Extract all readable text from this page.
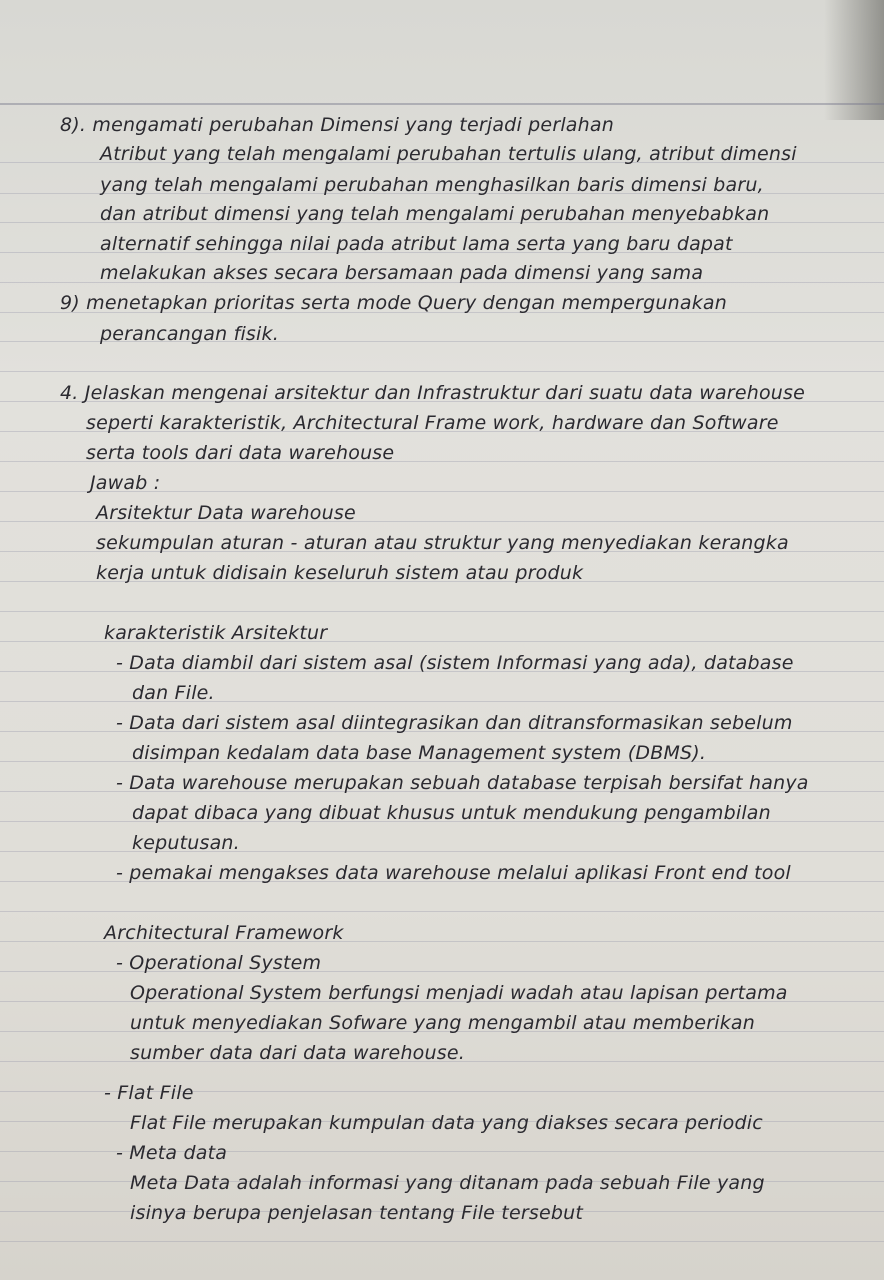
8). mengamati perubahan Dimensi yang terjadi perlahan
Atribut yang telah mengalami perubahan tertulis ulang, atribut dimensi
yang telah mengalami perubahan menghasilkan baris dimensi baru,
dan atribut dimensi yang telah mengalami perubahan menyebabkan
alternatif sehingga nilai pada atribut lama serta yang baru dapat
melakukan akses secara bersamaan pada dimensi yang sama
9) menetapkan prioritas serta mode Query dengan mempergunakan
perancangan fisik.
4. Jelaskan mengenai arsitektur dan Infrastruktur dari suatu data warehouse
seperti karakteristik, Architectural Frame work, hardware dan Software
serta tools dari data warehouse
Jawab :
Arsitektur Data warehouse
sekumpulan aturan - aturan atau struktur yang menyediakan kerangka
kerja untuk didisain keseluruh sistem atau produk
karakteristik Arsitektur
- Data diambil dari sistem asal (sistem Informasi yang ada), database
dan File.
- Data dari sistem asal diintegrasikan dan ditransformasikan sebelum
disimpan kedalam data base Management system (DBMS).
- Data warehouse merupakan sebuah database terpisah bersifat hanya
dapat dibaca yang dibuat khusus untuk mendukung pengambilan
keputusan.
- pemakai mengakses data warehouse melalui aplikasi Front end tool
Architectural Framework
- Operational System
Operational System berfungsi menjadi wadah atau lapisan pertama
untuk menyediakan Sofware yang mengambil atau memberikan
sumber data dari data warehouse.
- Flat File
Flat File merupakan kumpulan data yang diakses secara periodic
- Meta data
Meta Data adalah informasi yang ditanam pada sebuah File yang
isinya berupa penjelasan tentang File tersebut
